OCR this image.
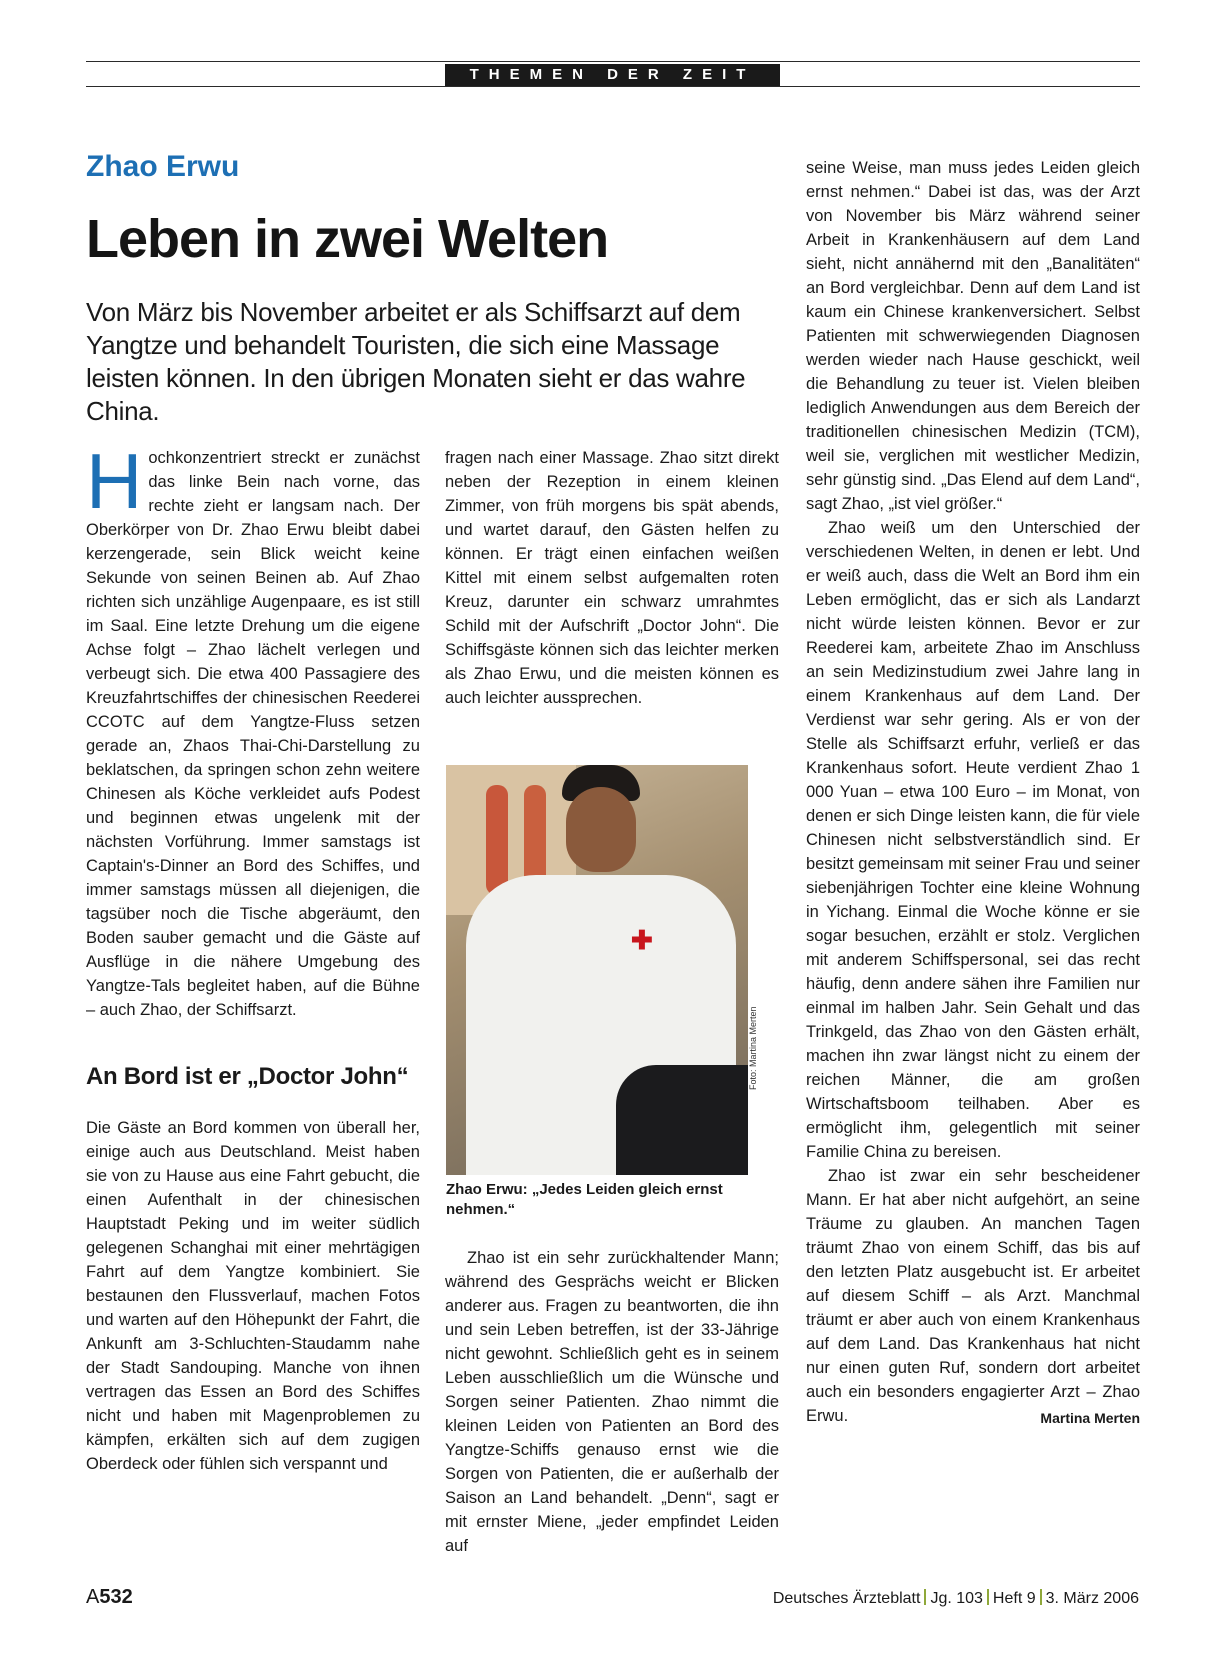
THEMEN DER ZEIT
Zhao Erwu
Leben in zwei Welten
Von März bis November arbeitet er als Schiffsarzt auf dem Yangtze und behandelt Touristen, die sich eine Massage leisten können. In den übrigen Monaten sieht er das wahre China.

Hochkonzentriert streckt er zunächst das linke Bein nach vorne, das rechte zieht er langsam nach. Der Oberkörper von Dr. Zhao Erwu bleibt dabei kerzengerade, sein Blick weicht keine Sekunde von seinen Beinen ab. Auf Zhao richten sich unzählige Augenpaare, es ist still im Saal. Eine letzte Drehung um die eigene Achse folgt – Zhao lächelt verlegen und verbeugt sich. Die etwa 400 Passagiere des Kreuzfahrtschiffes der chinesischen Reederei CCOTC auf dem Yangtze-Fluss setzen gerade an, Zhaos Thai-Chi-Darstellung zu beklatschen, da springen schon zehn weitere Chinesen als Köche verkleidet aufs Podest und beginnen etwas ungelenk mit der nächsten Vorführung. Immer samstags ist Captain's-Dinner an Bord des Schiffes, und immer samstags müssen all diejenigen, die tagsüber noch die Tische abgeräumt, den Boden sauber gemacht und die Gäste auf Ausflüge in die nähere Umgebung des Yangtze-Tals begleitet haben, auf die Bühne – auch Zhao, der Schiffsarzt.

An Bord ist er „Doctor John“

Die Gäste an Bord kommen von überall her, einige auch aus Deutschland. Meist haben sie von zu Hause aus eine Fahrt gebucht, die einen Aufenthalt in der chinesischen Hauptstadt Peking und im weiter südlich gelegenen Schanghai mit einer mehrtägigen Fahrt auf dem Yangtze kombiniert. Sie bestaunen den Flussverlauf, machen Fotos und warten auf den Höhepunkt der Fahrt, die Ankunft am 3-Schluchten-Staudamm nahe der Stadt Sandouping. Manche von ihnen vertragen das Essen an Bord des Schiffes nicht und haben mit Magenproblemen zu kämpfen, erkälten sich auf dem zugigen Oberdeck oder fühlen sich verspannt und

fragen nach einer Massage. Zhao sitzt direkt neben der Rezeption in einem kleinen Zimmer, von früh morgens bis spät abends, und wartet darauf, den Gästen helfen zu können. Er trägt einen einfachen weißen Kittel mit einem selbst aufgemalten roten Kreuz, darunter ein schwarz umrahmtes Schild mit der Aufschrift „Doctor John“. Die Schiffsgäste können sich das leichter merken als Zhao Erwu, und die meisten können es auch leichter aussprechen.

✚
Foto: Martina Merten
Zhao Erwu: „Jedes Leiden gleich ernst nehmen.“

Zhao ist ein sehr zurückhaltender Mann; während des Gesprächs weicht er Blicken anderer aus. Fragen zu beantworten, die ihn und sein Leben betreffen, ist der 33-Jährige nicht gewohnt. Schließlich geht es in seinem Leben ausschließlich um die Wünsche und Sorgen seiner Patienten. Zhao nimmt die kleinen Leiden von Patienten an Bord des Yangtze-Schiffs genauso ernst wie die Sorgen von Patienten, die er außerhalb der Saison an Land behandelt. „Denn“, sagt er mit ernster Miene, „jeder empfindet Leiden auf

seine Weise, man muss jedes Leiden gleich ernst nehmen.“ Dabei ist das, was der Arzt von November bis März während seiner Arbeit in Krankenhäusern auf dem Land sieht, nicht annähernd mit den „Banalitäten“ an Bord vergleichbar. Denn auf dem Land ist kaum ein Chinese krankenversichert. Selbst Patienten mit schwerwiegenden Diagnosen werden wieder nach Hause geschickt, weil die Behandlung zu teuer ist. Vielen bleiben lediglich Anwendungen aus dem Bereich der traditionellen chinesischen Medizin (TCM), weil sie, verglichen mit westlicher Medizin, sehr günstig sind. „Das Elend auf dem Land“, sagt Zhao, „ist viel größer.“

Zhao weiß um den Unterschied der verschiedenen Welten, in denen er lebt. Und er weiß auch, dass die Welt an Bord ihm ein Leben ermöglicht, das er sich als Landarzt nicht würde leisten können. Bevor er zur Reederei kam, arbeitete Zhao im Anschluss an sein Medizinstudium zwei Jahre lang in einem Krankenhaus auf dem Land. Der Verdienst war sehr gering. Als er von der Stelle als Schiffsarzt erfuhr, verließ er das Krankenhaus sofort. Heute verdient Zhao 1 000 Yuan – etwa 100 Euro – im Monat, von denen er sich Dinge leisten kann, die für viele Chinesen nicht selbstverständlich sind. Er besitzt gemeinsam mit seiner Frau und seiner siebenjährigen Tochter eine kleine Wohnung in Yichang. Einmal die Woche könne er sie sogar besuchen, erzählt er stolz. Verglichen mit anderem Schiffspersonal, sei das recht häufig, denn andere sähen ihre Familien nur einmal im halben Jahr. Sein Gehalt und das Trinkgeld, das Zhao von den Gästen erhält, machen ihn zwar längst nicht zu einem der reichen Männer, die am großen Wirtschaftsboom teilhaben. Aber es ermöglicht ihm, gelegentlich mit seiner Familie China zu bereisen.

Zhao ist zwar ein sehr bescheidener Mann. Er hat aber nicht aufgehört, an seine Träume zu glauben. An manchen Tagen träumt Zhao von einem Schiff, das bis auf den letzten Platz ausgebucht ist. Er arbeitet auf diesem Schiff – als Arzt. Manchmal träumt er aber auch von einem Krankenhaus auf dem Land. Das Krankenhaus hat nicht nur einen guten Ruf, sondern dort arbeitet auch ein besonders engagierter Arzt – Zhao Erwu.	Martina Merten

A532	Deutsches Ärzteblatt Jg. 103 Heft 9 3. März 2006
